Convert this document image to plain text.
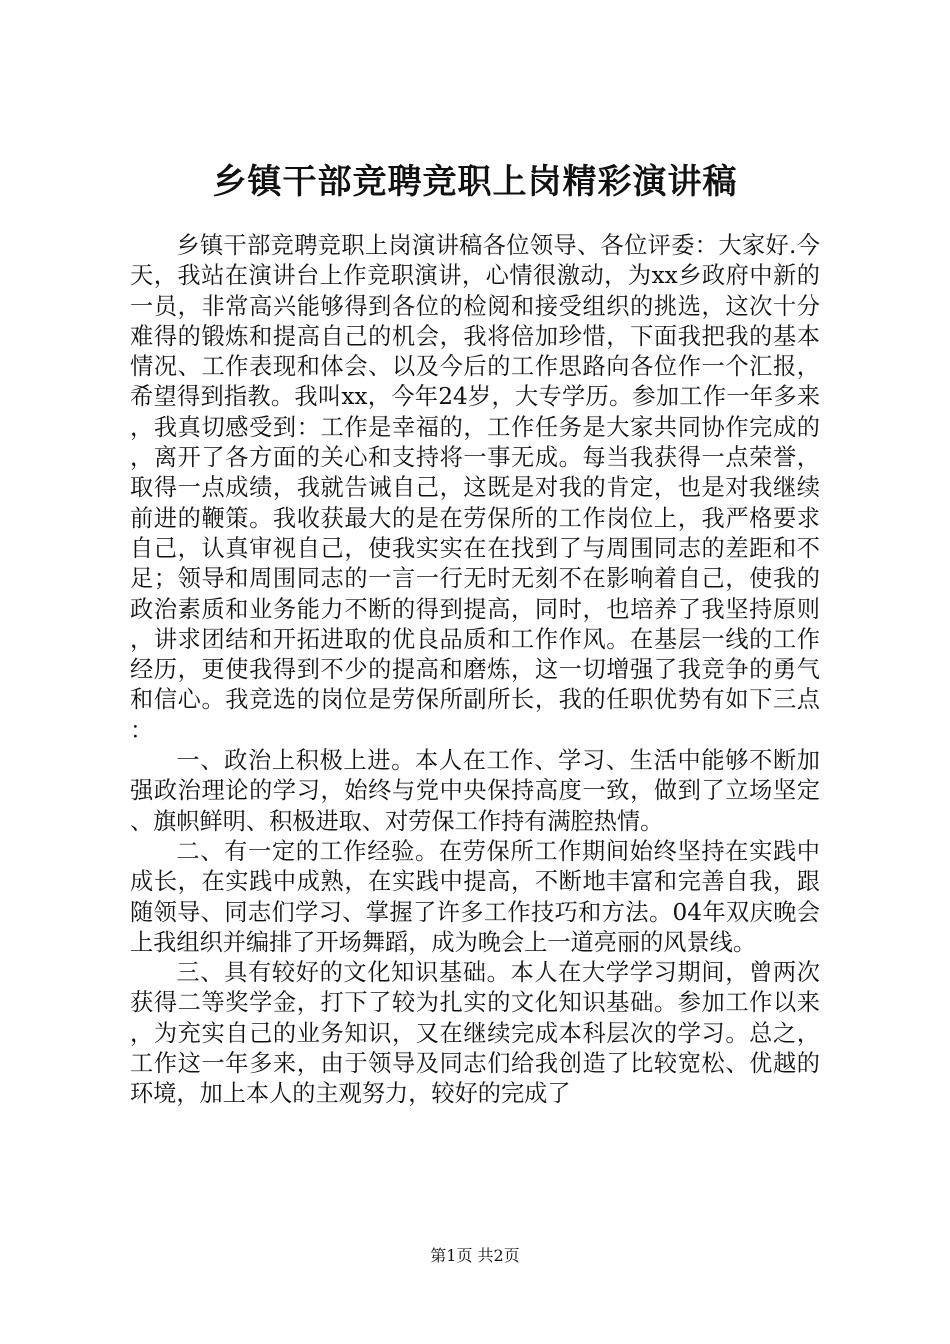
乡镇干部竞聘竞职上岗精彩演讲稿

乡镇干部竞聘竞职上岗演讲稿各位领导、各位评委：大家好.今天，我站在演讲台上作竞职演讲，心情很激动，为xx乡政府中新的一员，非常高兴能够得到各位的检阅和接受组织的挑选，这次十分难得的锻炼和提高自己的机会，我将倍加珍惜，下面我把我的基本情况、工作表现和体会、以及今后的工作思路向各位作一个汇报，希望得到指教。我叫xx，今年24岁，大专学历。参加工作一年多来，我真切感受到：工作是幸福的，工作任务是大家共同协作完成的，离开了各方面的关心和支持将一事无成。每当我获得一点荣誉，取得一点成绩，我就告诫自己，这既是对我的肯定，也是对我继续前进的鞭策。我收获最大的是在劳保所的工作岗位上，我严格要求自己，认真审视自己，使我实实在在找到了与周围同志的差距和不足；领导和周围同志的一言一行无时无刻不在影响着自己，使我的政治素质和业务能力不断的得到提高，同时，也培养了我坚持原则，讲求团结和开拓进取的优良品质和工作作风。在基层一线的工作经历，更使我得到不少的提高和磨炼，这一切增强了我竞争的勇气和信心。我竞选的岗位是劳保所副所长，我的任职优势有如下三点：

一、政治上积极上进。本人在工作、学习、生活中能够不断加强政治理论的学习，始终与党中央保持高度一致，做到了立场坚定、旗帜鲜明、积极进取、对劳保工作持有满腔热情。

二、有一定的工作经验。在劳保所工作期间始终坚持在实践中成长，在实践中成熟，在实践中提高，不断地丰富和完善自我，跟随领导、同志们学习、掌握了许多工作技巧和方法。04年双庆晚会上我组织并编排了开场舞蹈，成为晚会上一道亮丽的风景线。

三、具有较好的文化知识基础。本人在大学学习期间，曾两次获得二等奖学金，打下了较为扎实的文化知识基础。参加工作以来，为充实自己的业务知识，又在继续完成本科层次的学习。总之，工作这一年多来，由于领导及同志们给我创造了比较宽松、优越的环境，加上本人的主观努力，较好的完成了

第1页 共2页
